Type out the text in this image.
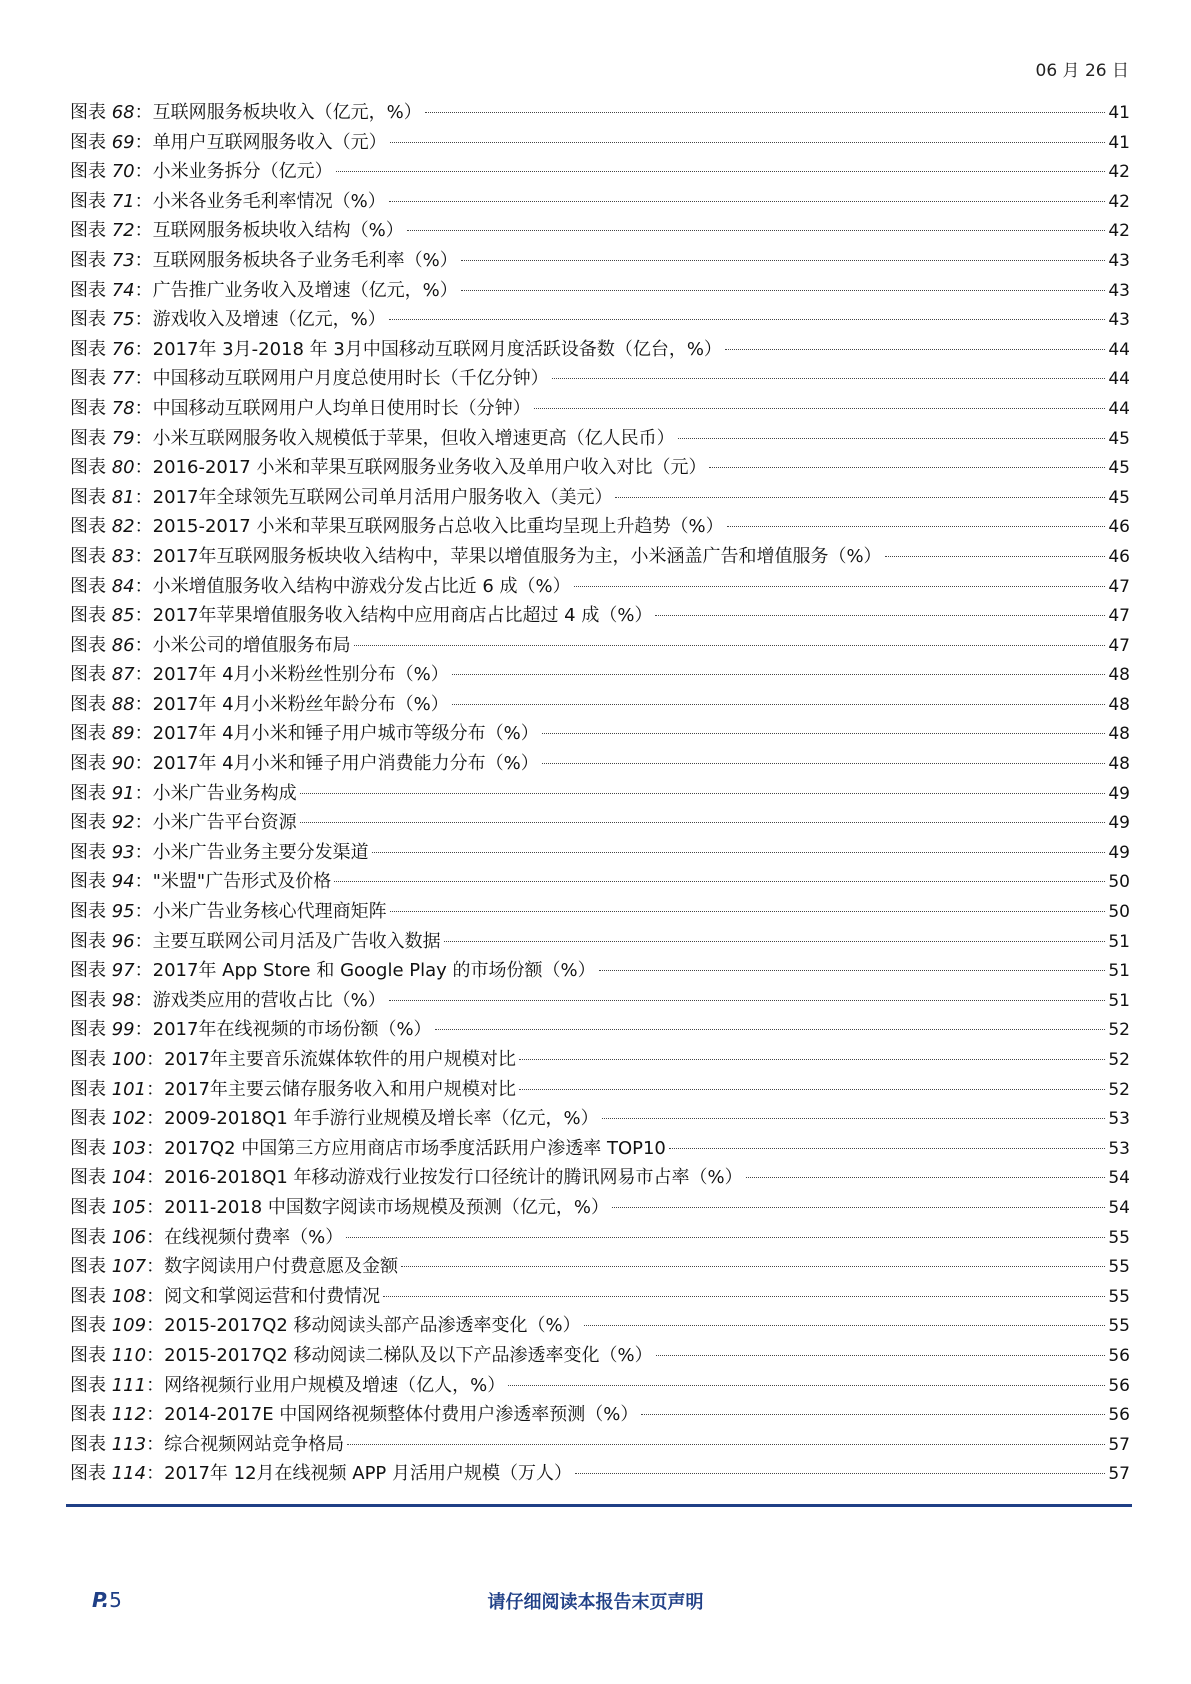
06 月 26 日
图表 68： 互联网服务板块收入（亿元，%）	41
图表 69： 单用户互联网服务收入（元）	41
图表 70： 小米业务拆分（亿元）	42
图表 71： 小米各业务毛利率情况（%）	42
图表 72： 互联网服务板块收入结构（%）	42
图表 73： 互联网服务板块各子业务毛利率（%）	43
图表 74： 广告推广业务收入及增速（亿元，%）	43
图表 75： 游戏收入及增速（亿元，%）	43
图表 76： 2017年 3月-2018 年 3月中国移动互联网月度活跃设备数（亿台，%）	44
图表 77： 中国移动互联网用户月度总使用时长（千亿分钟）	44
图表 78： 中国移动互联网用户人均单日使用时长（分钟）	44
图表 79： 小米互联网服务收入规模低于苹果，但收入增速更高（亿人民币）	45
图表 80： 2016-2017 小米和苹果互联网服务业务收入及单用户收入对比（元）	45
图表 81： 2017年全球领先互联网公司单月活用户服务收入（美元）	45
图表 82： 2015-2017 小米和苹果互联网服务占总收入比重均呈现上升趋势（%）	46
图表 83： 2017年互联网服务板块收入结构中，苹果以增值服务为主，小米涵盖广告和增值服务（%）	46
图表 84： 小米增值服务收入结构中游戏分发占比近 6 成（%）	47
图表 85： 2017年苹果增值服务收入结构中应用商店占比超过 4 成（%）	47
图表 86： 小米公司的增值服务布局	47
图表 87： 2017年 4月小米粉丝性别分布（%）	48
图表 88： 2017年 4月小米粉丝年龄分布（%）	48
图表 89： 2017年 4月小米和锤子用户城市等级分布（%）	48
图表 90： 2017年 4月小米和锤子用户消费能力分布（%）	48
图表 91： 小米广告业务构成	49
图表 92： 小米广告平台资源	49
图表 93： 小米广告业务主要分发渠道	49
图表 94： "米盟"广告形式及价格	50
图表 95： 小米广告业务核心代理商矩阵	50
图表 96： 主要互联网公司月活及广告收入数据	51
图表 97： 2017年 App Store 和 Google Play 的市场份额（%）	51
图表 98： 游戏类应用的营收占比（%）	51
图表 99： 2017年在线视频的市场份额（%）	52
图表 100： 2017年主要音乐流媒体软件的用户规模对比	52
图表 101： 2017年主要云储存服务收入和用户规模对比	52
图表 102： 2009-2018Q1 年手游行业规模及增长率（亿元，%）	53
图表 103： 2017Q2 中国第三方应用商店市场季度活跃用户渗透率 TOP10	53
图表 104： 2016-2018Q1 年移动游戏行业按发行口径统计的腾讯网易市占率（%）	54
图表 105： 2011-2018 中国数字阅读市场规模及预测（亿元，%）	54
图表 106： 在线视频付费率（%）	55
图表 107： 数字阅读用户付费意愿及金额	55
图表 108： 阅文和掌阅运营和付费情况	55
图表 109： 2015-2017Q2 移动阅读头部产品渗透率变化（%）	55
图表 110： 2015-2017Q2 移动阅读二梯队及以下产品渗透率变化（%）	56
图表 111： 网络视频行业用户规模及增速（亿人，%）	56
图表 112： 2014-2017E 中国网络视频整体付费用户渗透率预测（%）	56
图表 113： 综合视频网站竞争格局	57
图表 114： 2017年 12月在线视频 APP 月活用户规模（万人）	57
P.5	请仔细阅读本报告末页声明
